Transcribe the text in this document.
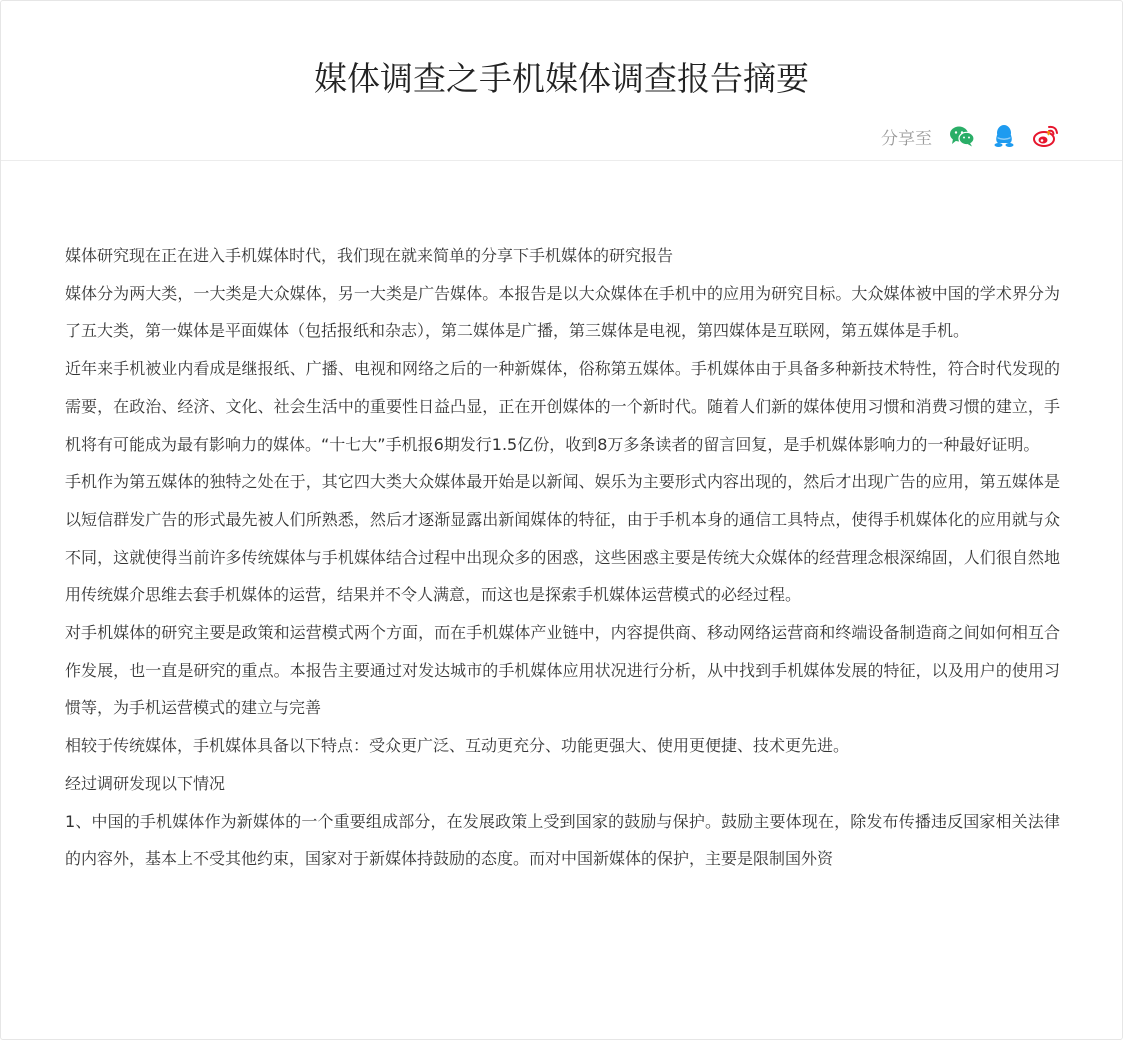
媒体调查之手机媒体调查报告摘要
分享至

媒体研究现在正在进入手机媒体时代，我们现在就来简单的分享下手机媒体的研究报告

媒体分为两大类，一大类是大众媒体，另一大类是广告媒体。本报告是以大众媒体在手机中的应用为研究目标。大众媒体被中国的学术界分为了五大类，第一媒体是平面媒体（包括报纸和杂志），第二媒体是广播，第三媒体是电视，第四媒体是互联网，第五媒体是手机。

近年来手机被业内看成是继报纸、广播、电视和网络之后的一种新媒体，俗称第五媒体。手机媒体由于具备多种新技术特性，符合时代发现的需要，在政治、经济、文化、社会生活中的重要性日益凸显，正在开创媒体的一个新时代。随着人们新的媒体使用习惯和消费习惯的建立，手机将有可能成为最有影响力的媒体。“十七大”手机报6期发行1.5亿份，收到8万多条读者的留言回复，是手机媒体影响力的一种最好证明。

手机作为第五媒体的独特之处在于，其它四大类大众媒体最开始是以新闻、娱乐为主要形式内容出现的，然后才出现广告的应用，第五媒体是以短信群发广告的形式最先被人们所熟悉，然后才逐渐显露出新闻媒体的特征，由于手机本身的通信工具特点，使得手机媒体化的应用就与众不同，这就使得当前许多传统媒体与手机媒体结合过程中出现众多的困惑，这些困惑主要是传统大众媒体的经营理念根深绵固，人们很自然地用传统媒介思维去套手机媒体的运营，结果并不令人满意，而这也是探索手机媒体运营模式的必经过程。

对手机媒体的研究主要是政策和运营模式两个方面，而在手机媒体产业链中，内容提供商、移动网络运营商和终端设备制造商之间如何相互合作发展，也一直是研究的重点。本报告主要通过对发达城市的手机媒体应用状况进行分析，从中找到手机媒体发展的特征，以及用户的使用习惯等，为手机运营模式的建立与完善

相较于传统媒体，手机媒体具备以下特点：受众更广泛、互动更充分、功能更强大、使用更便捷、技术更先进。

经过调研发现以下情况

1、中国的手机媒体作为新媒体的一个重要组成部分，在发展政策上受到国家的鼓励与保护。鼓励主要体现在，除发布传播违反国家相关法律的内容外，基本上不受其他约束，国家对于新媒体持鼓励的态度。而对中国新媒体的保护，主要是限制国外资
